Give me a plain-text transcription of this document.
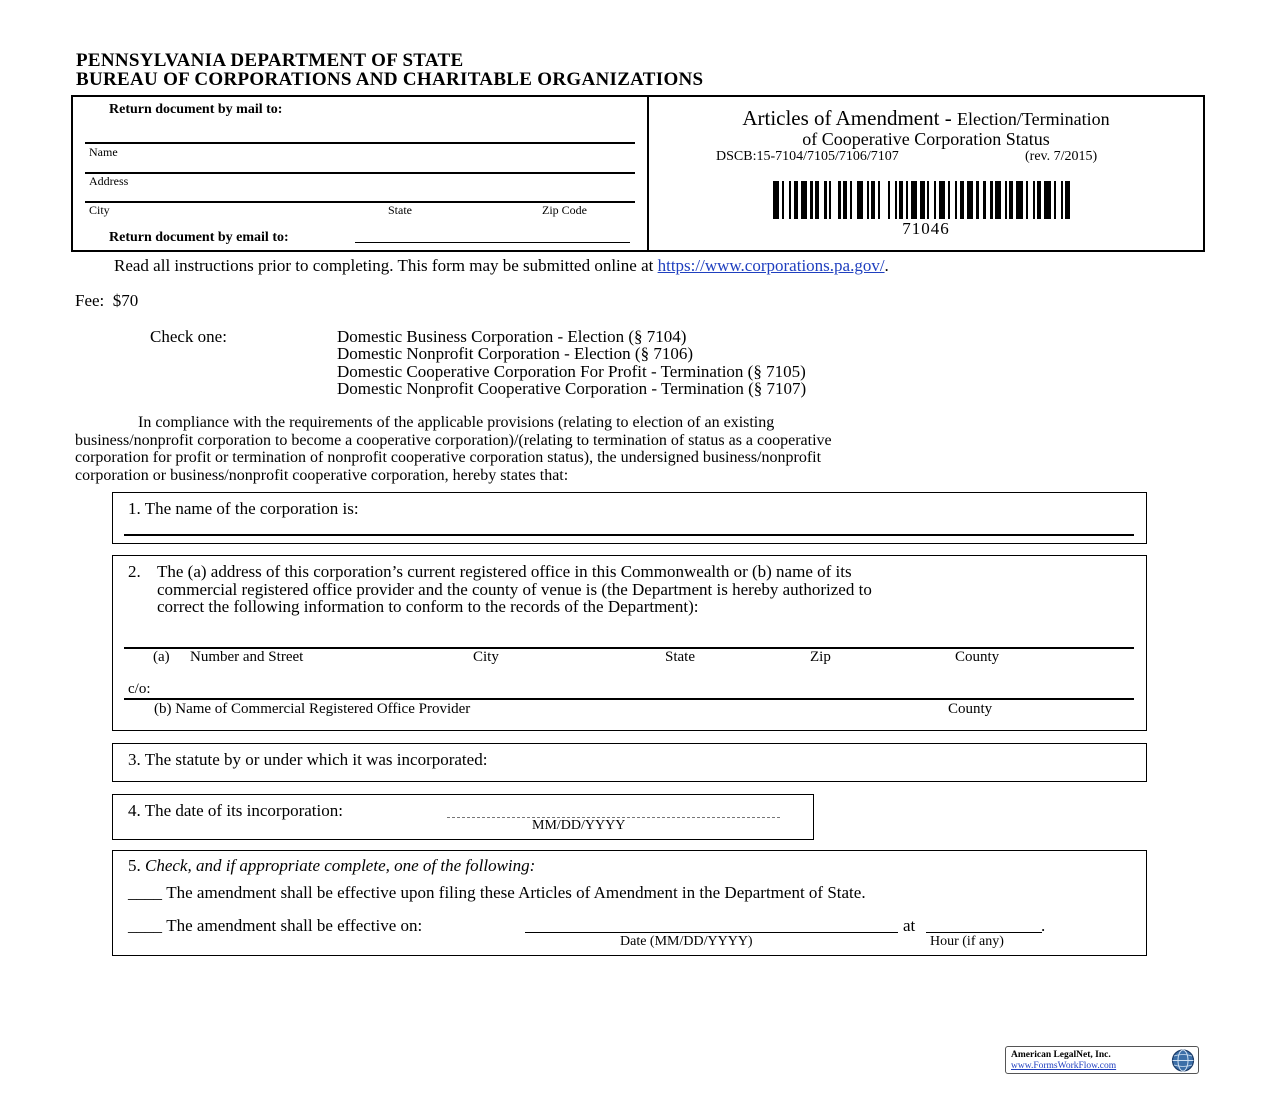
PENNSYLVANIA DEPARTMENT OF STATE
BUREAU OF CORPORATIONS AND CHARITABLE ORGANIZATIONS
Return document by mail to:
Name
Address
City	State	Zip Code
Return document by email to:
Articles of Amendment - Election/Termination
of Cooperative Corporation Status
DSCB:15-7104/7105/7106/7107	(rev. 7/2015)
71046
Read all instructions prior to completing. This form may be submitted online at https://www.corporations.pa.gov/.
Fee: $70
Check one:	Domestic Business Corporation - Election (§ 7104)
Domestic Nonprofit Corporation - Election (§ 7106)
Domestic Cooperative Corporation For Profit - Termination (§ 7105)
Domestic Nonprofit Cooperative Corporation - Termination (§ 7107)
In compliance with the requirements of the applicable provisions (relating to election of an existing
business/nonprofit corporation to become a cooperative corporation)/(relating to termination of status as a cooperative
corporation for profit or termination of nonprofit cooperative corporation status), the undersigned business/nonprofit
corporation or business/nonprofit cooperative corporation, hereby states that:
1. The name of the corporation is:
2. The (a) address of this corporation’s current registered office in this Commonwealth or (b) name of its
commercial registered office provider and the county of venue is (the Department is hereby authorized to
correct the following information to conform to the records of the Department):
(a) Number and Street	City	State	Zip	County
c/o:
(b) Name of Commercial Registered Office Provider	County
3. The statute by or under which it was incorporated:
4. The date of its incorporation:
MM/DD/YYYY
5. Check, and if appropriate complete, one of the following:
____ The amendment shall be effective upon filing these Articles of Amendment in the Department of State.
____ The amendment shall be effective on:	at	.
Date (MM/DD/YYYY)	Hour (if any)
American LegalNet, Inc.
www.FormsWorkFlow.com
